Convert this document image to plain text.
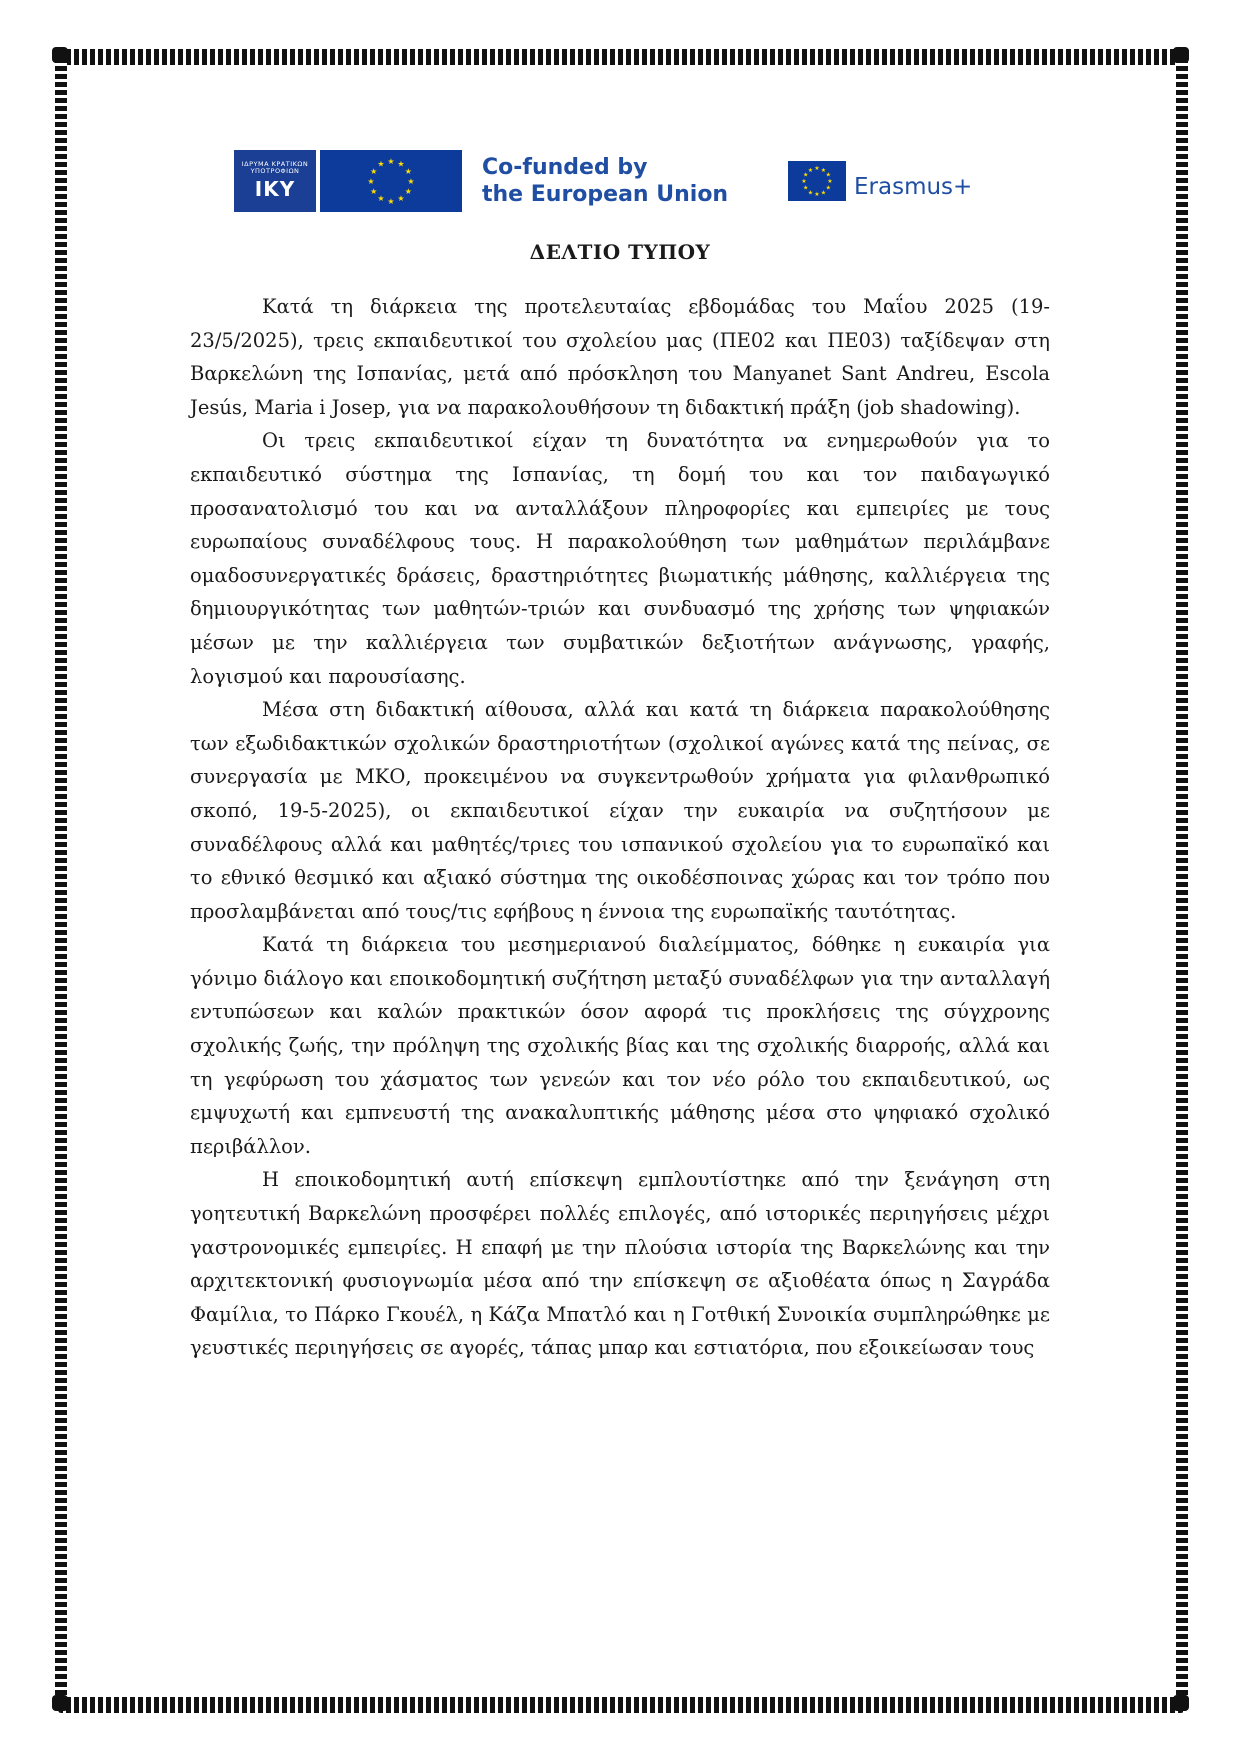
ΙΔΡΥΜΑ ΚΡΑΤΙΚΩΝ ΥΠΟΤΡΟΦΙΩΝ
IKY
★ ★
★
★
★
★
★
★
★
★
★
★	Co-funded by
the European Union
★ ★
★
★
★
★
★
★
★
★
★
★
Erasmus+
ΔΕΛΤΙΟ ΤΥΠΟΥ

Κατά τη διάρκεια της προτελευταίας εβδομάδας του Μαΐου 2025 (19-23/5/2025), τρεις εκπαιδευτικοί του σχολείου μας (ΠΕ02 και ΠΕ03) ταξίδεψαν στη Βαρκελώνη της Ισπανίας, μετά από πρόσκληση του Manyanet Sant Andreu, Escola Jesús, Maria i Josep, για να παρακολουθήσουν τη διδακτική πράξη (job shadowing).

Οι τρεις εκπαιδευτικοί είχαν τη δυνατότητα να ενημερωθούν για το εκπαιδευτικό σύστημα της Ισπανίας, τη δομή του και τον παιδαγωγικό προσανατολισμό του και να ανταλλάξουν πληροφορίες και εμπειρίες με τους ευρωπαίους συναδέλφους τους. Η παρακολούθηση των μαθημάτων περιλάμβανε ομαδοσυνεργατικές δράσεις, δραστηριότητες βιωματικής μάθησης, καλλιέργεια της δημιουργικότητας των μαθητών-τριών και συνδυασμό της χρήσης των ψηφιακών μέσων με την καλλιέργεια των συμβατικών δεξιοτήτων ανάγνωσης, γραφής, λογισμού και παρουσίασης.

Μέσα στη διδακτική αίθουσα, αλλά και κατά τη διάρκεια παρακολούθησης των εξωδιδακτικών σχολικών δραστηριοτήτων (σχολικοί αγώνες κατά της πείνας, σε συνεργασία με ΜΚΟ, προκειμένου να συγκεντρωθούν χρήματα για φιλανθρωπικό σκοπό, 19-5-2025), οι εκπαιδευτικοί είχαν την ευκαιρία να συζητήσουν με συναδέλφους αλλά και μαθητές/τριες του ισπανικού σχολείου για το ευρωπαϊκό και το εθνικό θεσμικό και αξιακό σύστημα της οικοδέσποινας χώρας και τον τρόπο που προσλαμβάνεται από τους/τις εφήβους η έννοια της ευρωπαϊκής ταυτότητας.

Κατά τη διάρκεια του μεσημεριανού διαλείμματος, δόθηκε η ευκαιρία για γόνιμο διάλογο και εποικοδομητική συζήτηση μεταξύ συναδέλφων για την ανταλλαγή εντυπώσεων και καλών πρακτικών όσον αφορά τις προκλήσεις της σύγχρονης σχολικής ζωής, την πρόληψη της σχολικής βίας και της σχολικής διαρροής, αλλά και τη γεφύρωση του χάσματος των γενεών και τον νέο ρόλο του εκπαιδευτικού, ως εμψυχωτή και εμπνευστή της ανακαλυπτικής μάθησης μέσα στο ψηφιακό σχολικό περιβάλλον.

Η εποικοδομητική αυτή επίσκεψη εμπλουτίστηκε από την ξενάγηση στη γοητευτική Βαρκελώνη προσφέρει πολλές επιλογές, από ιστορικές περιηγήσεις μέχρι γαστρονομικές εμπειρίες. Η επαφή με την πλούσια ιστορία της Βαρκελώνης και την αρχιτεκτονική φυσιογνωμία μέσα από την επίσκεψη σε αξιοθέατα όπως η Σαγράδα Φαμίλια, το Πάρκο Γκουέλ, η Κάζα Μπατλό και η Γοτθική Συνοικία συμπληρώθηκε με γευστικές περιηγήσεις σε αγορές, τάπας μπαρ και εστιατόρια, που εξοικείωσαν τους
